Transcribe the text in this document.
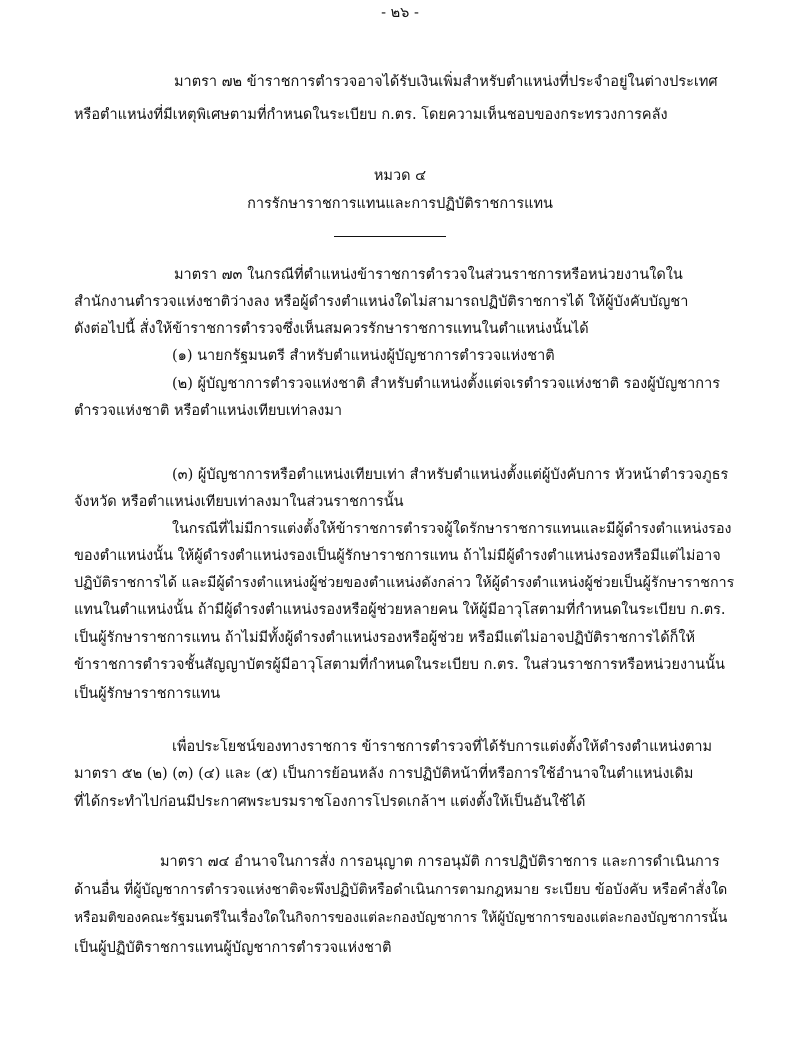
- ๒๖ -
มาตรา ๗๒ ข้าราชการตำรวจอาจได้รับเงินเพิ่มสำหรับตำแหน่งที่ประจำอยู่ในต่างประเทศ
หรือตำแหน่งที่มีเหตุพิเศษตามที่กำหนดในระเบียบ ก.ตร. โดยความเห็นชอบของกระทรวงการคลัง
หมวด ๔
การรักษาราชการแทนและการปฏิบัติราชการแทน
มาตรา ๗๓ ในกรณีที่ตำแหน่งข้าราชการตำรวจในส่วนราชการหรือหน่วยงานใดใน
สำนักงานตำรวจแห่งชาติว่างลง หรือผู้ดำรงตำแหน่งใดไม่สามารถปฏิบัติราชการได้ ให้ผู้บังคับบัญชา
ดังต่อไปนี้ สั่งให้ข้าราชการตำรวจซึ่งเห็นสมควรรักษาราชการแทนในตำแหน่งนั้นได้
(๑) นายกรัฐมนตรี สำหรับตำแหน่งผู้บัญชาการตำรวจแห่งชาติ
(๒) ผู้บัญชาการตำรวจแห่งชาติ สำหรับตำแหน่งตั้งแต่จเรตำรวจแห่งชาติ รองผู้บัญชาการ
ตำรวจแห่งชาติ หรือตำแหน่งเทียบเท่าลงมา
(๓) ผู้บัญชาการหรือตำแหน่งเทียบเท่า สำหรับตำแหน่งตั้งแต่ผู้บังคับการ หัวหน้าตำรวจภูธร
จังหวัด หรือตำแหน่งเทียบเท่าลงมาในส่วนราชการนั้น
ในกรณีที่ไม่มีการแต่งตั้งให้ข้าราชการตำรวจผู้ใดรักษาราชการแทนและมีผู้ดำรงตำแหน่งรอง
ของตำแหน่งนั้น ให้ผู้ดำรงตำแหน่งรองเป็นผู้รักษาราชการแทน ถ้าไม่มีผู้ดำรงตำแหน่งรองหรือมีแต่ไม่อาจ
ปฏิบัติราชการได้ และมีผู้ดำรงตำแหน่งผู้ช่วยของตำแหน่งดังกล่าว ให้ผู้ดำรงตำแหน่งผู้ช่วยเป็นผู้รักษาราชการ
แทนในตำแหน่งนั้น ถ้ามีผู้ดำรงตำแหน่งรองหรือผู้ช่วยหลายคน ให้ผู้มีอาวุโสตามที่กำหนดในระเบียบ ก.ตร.
เป็นผู้รักษาราชการแทน ถ้าไม่มีทั้งผู้ดำรงตำแหน่งรองหรือผู้ช่วย หรือมีแต่ไม่อาจปฏิบัติราชการได้ก็ให้
ข้าราชการตำรวจชั้นสัญญาบัตรผู้มีอาวุโสตามที่กำหนดในระเบียบ ก.ตร. ในส่วนราชการหรือหน่วยงานนั้น
เป็นผู้รักษาราชการแทน
เพื่อประโยชน์ของทางราชการ ข้าราชการตำรวจที่ได้รับการแต่งตั้งให้ดำรงตำแหน่งตาม
มาตรา ๕๒ (๒) (๓) (๔) และ (๕) เป็นการย้อนหลัง การปฏิบัติหน้าที่หรือการใช้อำนาจในตำแหน่งเดิม
ที่ได้กระทำไปก่อนมีประกาศพระบรมราชโองการโปรดเกล้าฯ แต่งตั้งให้เป็นอันใช้ได้
มาตรา ๗๔ อำนาจในการสั่ง การอนุญาต การอนุมัติ การปฏิบัติราชการ และการดำเนินการ
ด้านอื่น ที่ผู้บัญชาการตำรวจแห่งชาติจะพึงปฏิบัติหรือดำเนินการตามกฎหมาย ระเบียบ ข้อบังคับ หรือคำสั่งใด
หรือมติของคณะรัฐมนตรีในเรื่องใดในกิจการของแต่ละกองบัญชาการ ให้ผู้บัญชาการของแต่ละกองบัญชาการนั้น
เป็นผู้ปฏิบัติราชการแทนผู้บัญชาการตำรวจแห่งชาติ
